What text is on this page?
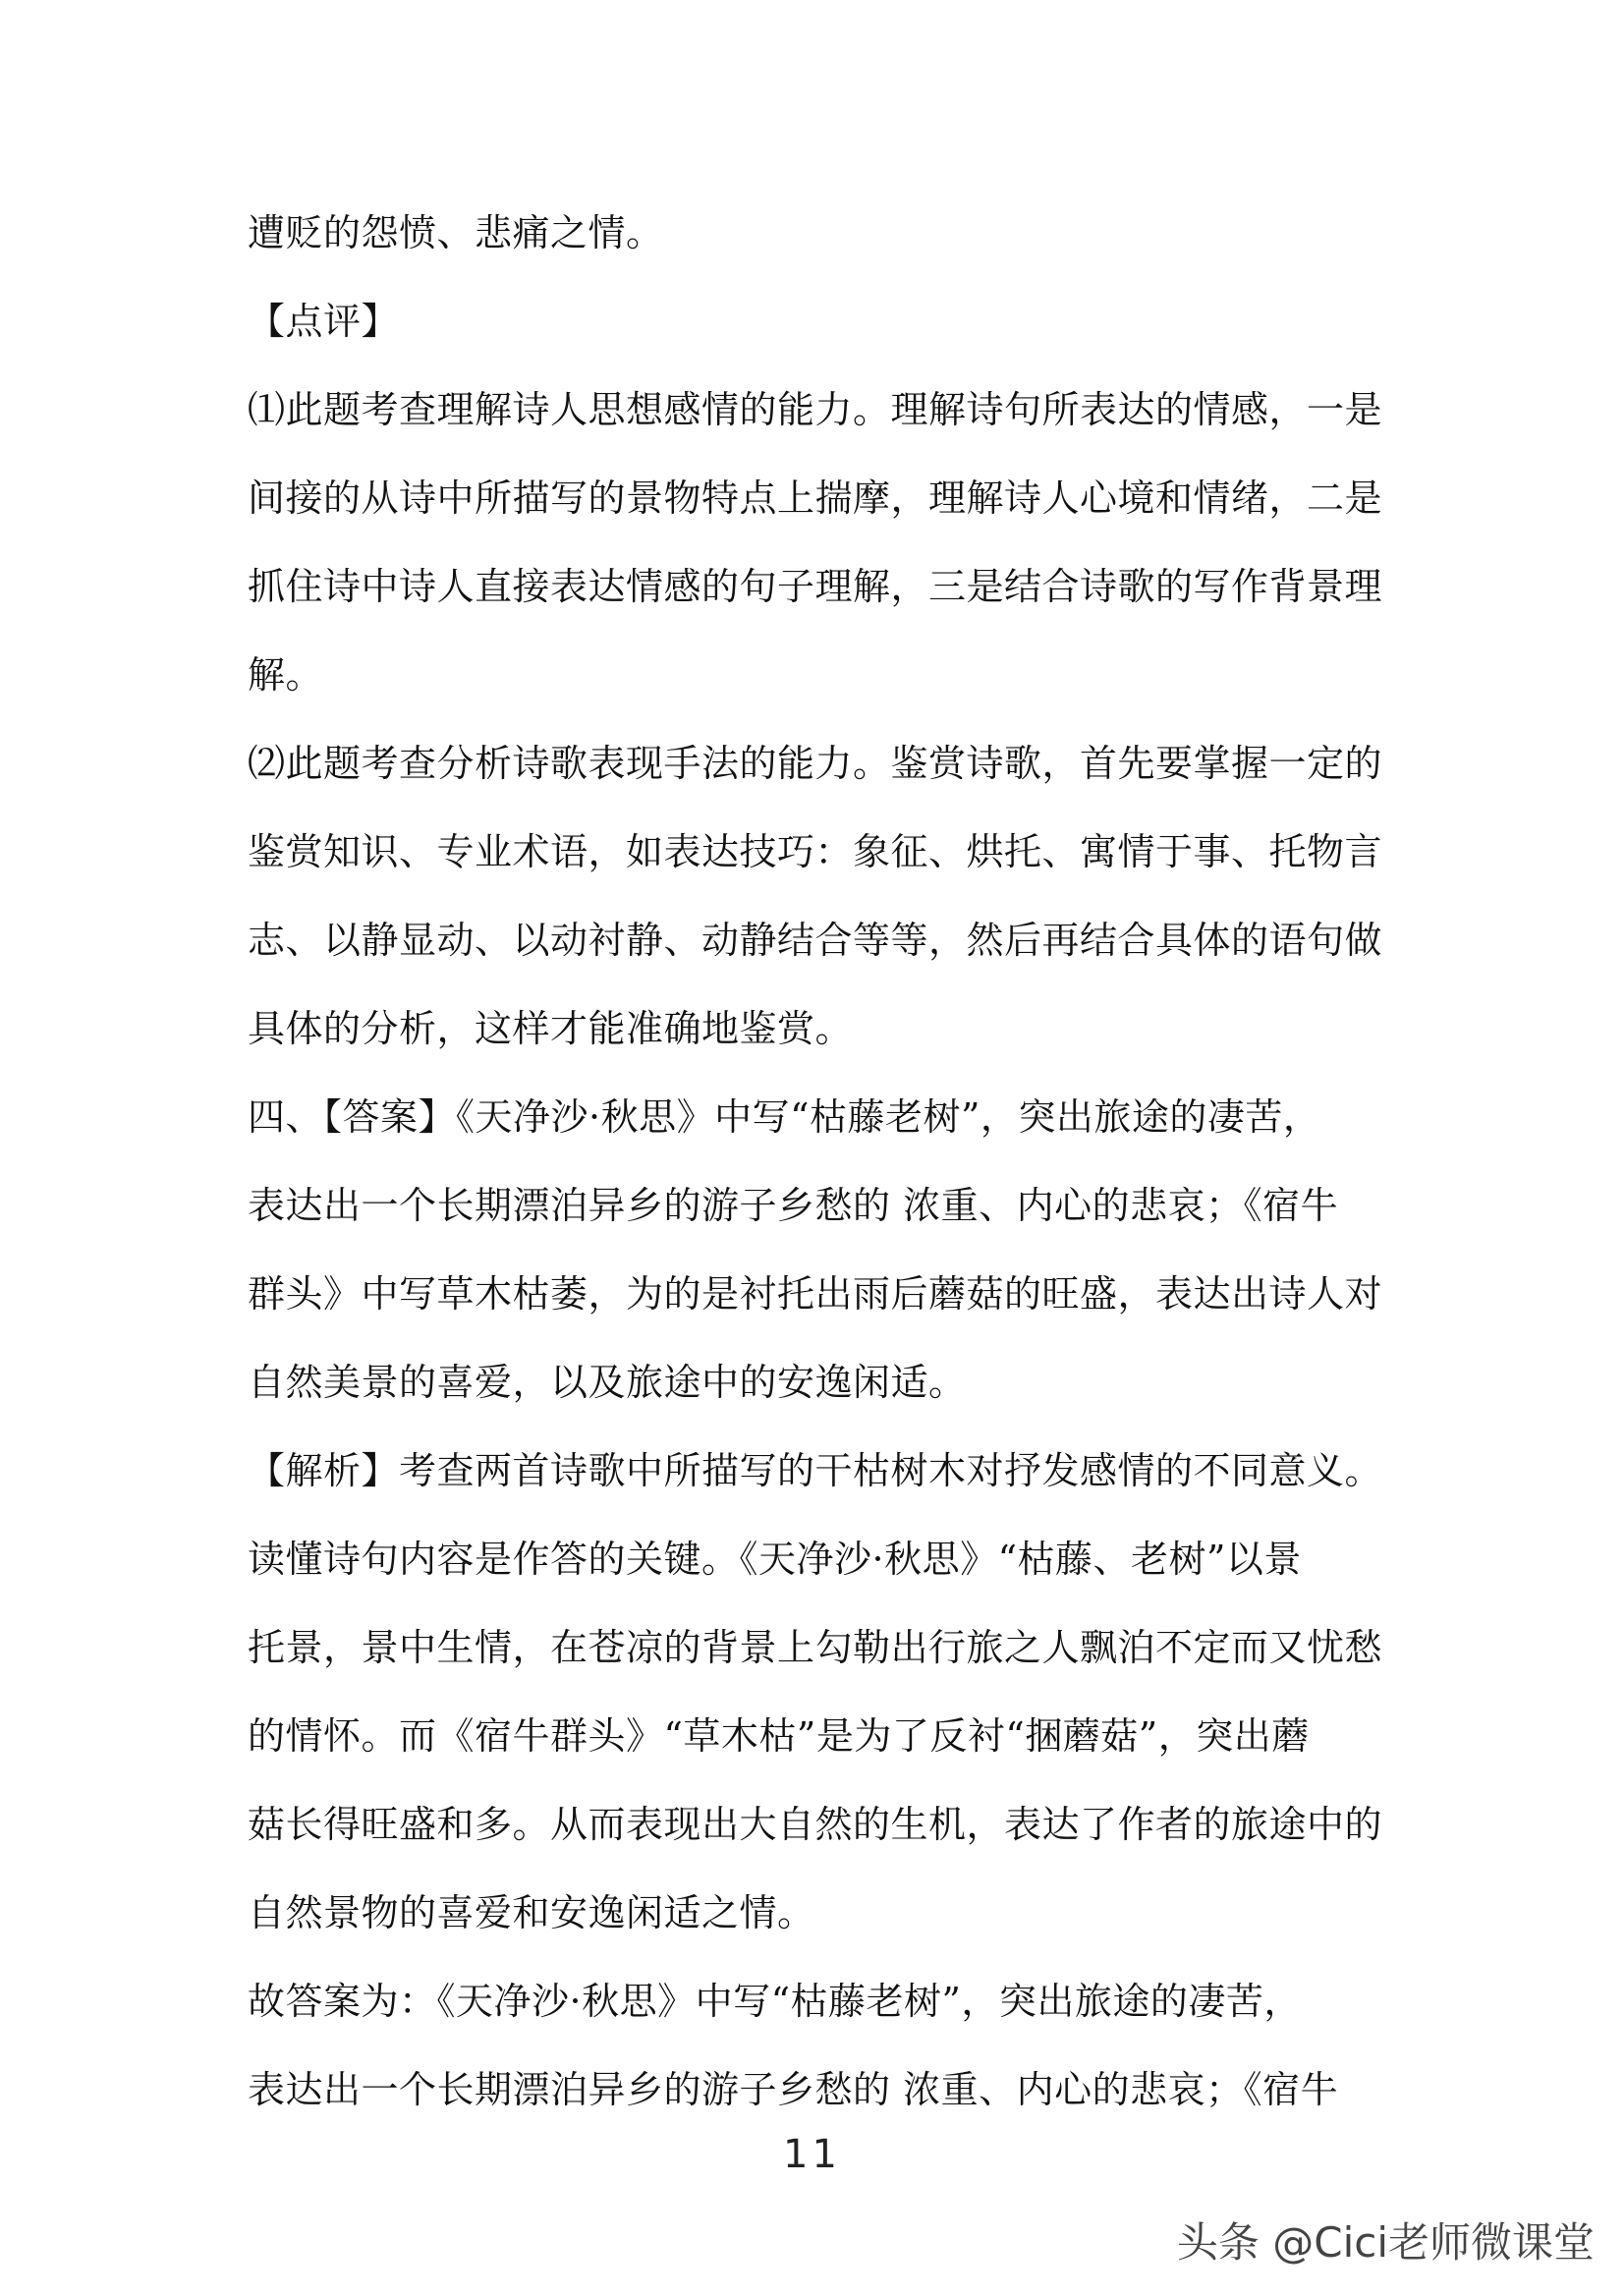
遭贬的怨愤、悲痛之情。
【点评】
⑴此题考查理解诗人思想感情的能力。理解诗句所表达的情感，一是
间接的从诗中所描写的景物特点上揣摩，理解诗人心境和情绪，二是
抓住诗中诗人直接表达情感的句子理解，三是结合诗歌的写作背景理
解。
⑵此题考查分析诗歌表现手法的能力。鉴赏诗歌，首先要掌握一定的
鉴赏知识、专业术语，如表达技巧：象征、烘托、寓情于事、托物言
志、以静显动、以动衬静、动静结合等等，然后再结合具体的语句做
具体的分析，这样才能准确地鉴赏。
四、【答案】《天净沙·秋思》中写“枯藤老树”，突出旅途的凄苦，
表达出一个长期漂泊异乡的游子乡愁的 浓重、内心的悲哀；《宿牛
群头》中写草木枯萎，为的是衬托出雨后蘑菇的旺盛，表达出诗人对
自然美景的喜爱，以及旅途中的安逸闲适。
【解析】考查两首诗歌中所描写的干枯树木对抒发感情的不同意义。
读懂诗句内容是作答的关键。《天净沙·秋思》“枯藤、老树”以景
托景，景中生情，在苍凉的背景上勾勒出行旅之人飘泊不定而又忧愁
的情怀。而《宿牛群头》“草木枯”是为了反衬“捆蘑菇”，突出蘑
菇长得旺盛和多。从而表现出大自然的生机，表达了作者的旅途中的
自然景物的喜爱和安逸闲适之情。
故答案为：《天净沙·秋思》中写“枯藤老树”，突出旅途的凄苦，
表达出一个长期漂泊异乡的游子乡愁的 浓重、内心的悲哀；《宿牛
11
头条 @Cici老师微课堂
